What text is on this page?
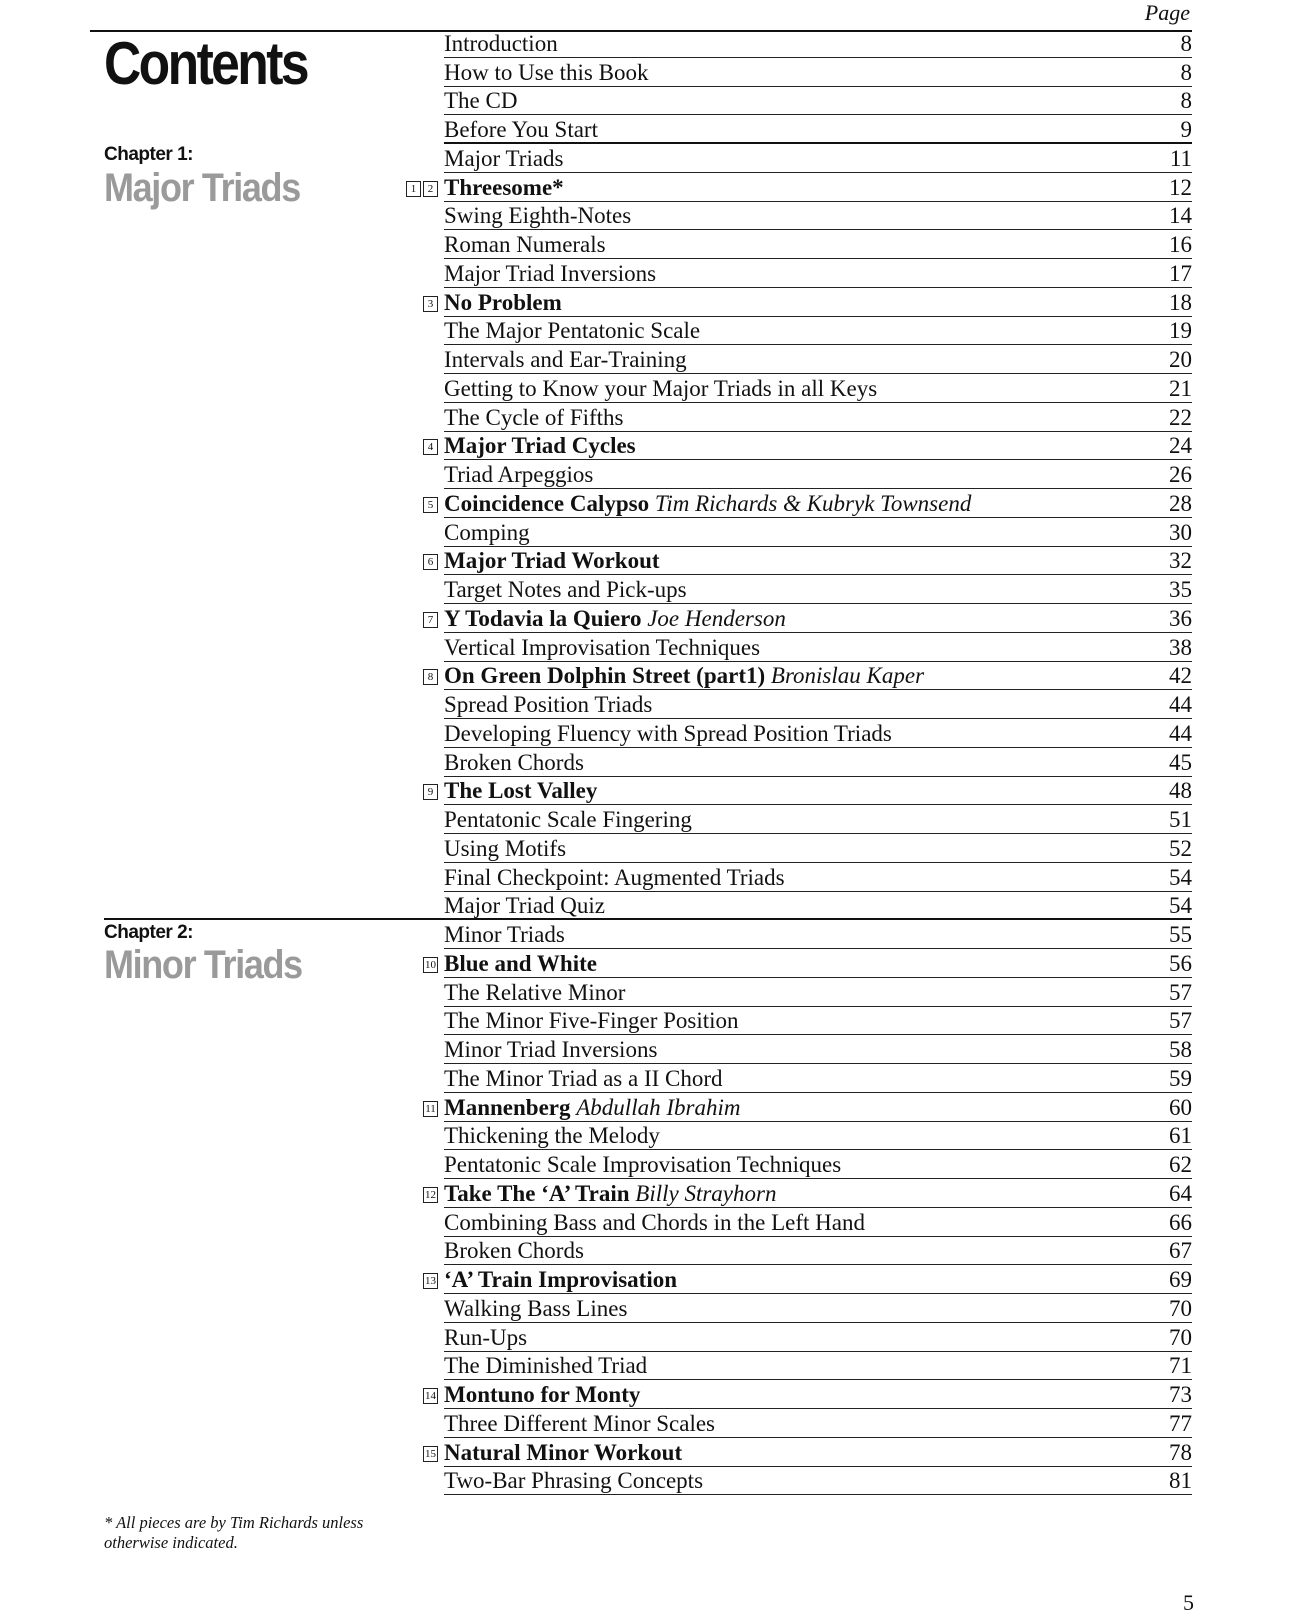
Page
Contents
Chapter 1:
Major Triads
Chapter 2:
Minor Triads
Introduction	8
How to Use this Book	8
The CD	8
Before You Start	9
Major Triads	11
1	2 Threesome*	12
Swing Eighth-Notes	14
Roman Numerals	16
Major Triad Inversions	17
3 No Problem	18
The Major Pentatonic Scale	19
Intervals and Ear-Training	20
Getting to Know your Major Triads in all Keys	21
The Cycle of Fifths	22
4 Major Triad Cycles	24
Triad Arpeggios	26
5 Coincidence Calypso Tim Richards & Kubryk Townsend	28
Comping	30
6 Major Triad Workout	32
Target Notes and Pick-ups	35
7 Y Todavia la Quiero Joe Henderson	36
Vertical Improvisation Techniques	38
8 On Green Dolphin Street (part1) Bronislau Kaper	42
Spread Position Triads	44
Developing Fluency with Spread Position Triads	44
Broken Chords	45
9 The Lost Valley	48
Pentatonic Scale Fingering	51
Using Motifs	52
Final Checkpoint: Augmented Triads	54
Major Triad Quiz	54
Minor Triads	55
10 Blue and White	56
The Relative Minor	57
The Minor Five-Finger Position	57
Minor Triad Inversions	58
The Minor Triad as a II Chord	59
11 Mannenberg Abdullah Ibrahim	60
Thickening the Melody	61
Pentatonic Scale Improvisation Techniques	62
12 Take The ‘A’ Train Billy Strayhorn	64
Combining Bass and Chords in the Left Hand	66
Broken Chords	67
13 ‘A’ Train Improvisation	69
Walking Bass Lines	70
Run-Ups	70
The Diminished Triad	71
14 Montuno for Monty	73
Three Different Minor Scales	77
15 Natural Minor Workout	78
Two-Bar Phrasing Concepts	81
* All pieces are by Tim Richards unless otherwise indicated.
5
